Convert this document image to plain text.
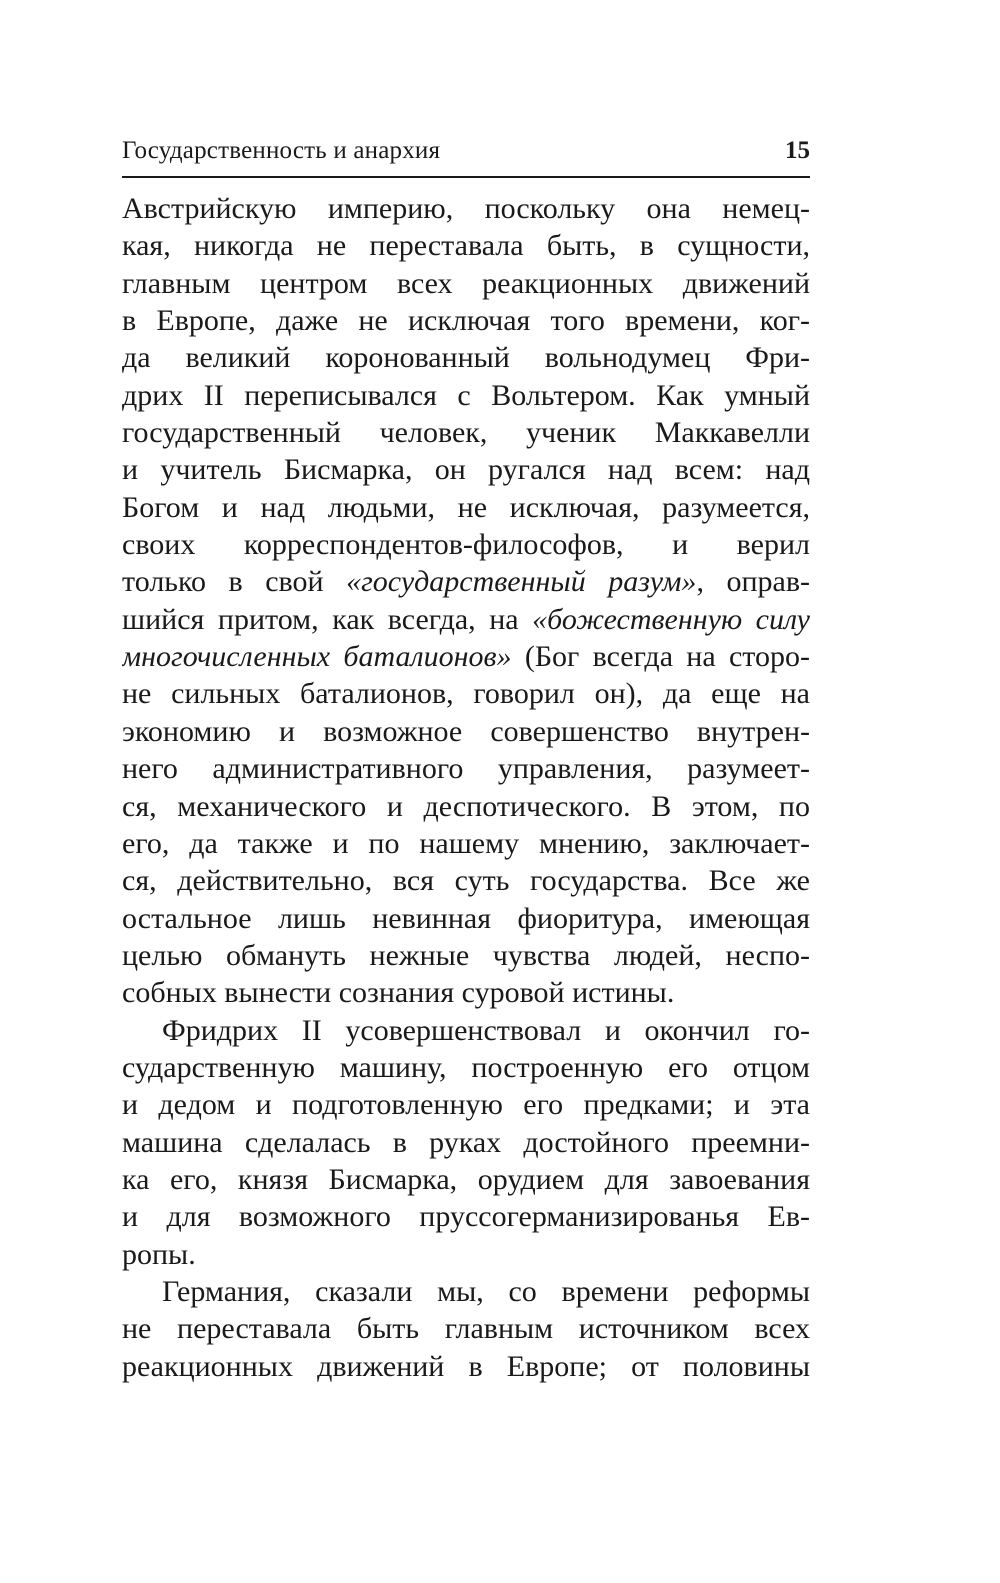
Государственность и анархия	15
Австрийскую империю, поскольку она немец-
кая, никогда не переставала быть, в сущности,
главным центром всех реакционных движений
в Европе, даже не исключая того времени, ког-
да великий коронованный вольнодумец Фри-
дрих II переписывался с Вольтером. Как умный
государственный человек, ученик Маккавелли
и учитель Бисмарка, он ругался над всем: над
Богом и над людьми, не исключая, разумеется,
своих корреспондентов-философов, и верил
только в свой «государственный разум», оправ-
шийся притом, как всегда, на «божественную силу
многочисленных баталионов» (Бог всегда на сторо-
не сильных баталионов, говорил он), да еще на
экономию и возможное совершенство внутрен-
него административного управления, разумеет-
ся, механического и деспотического. В этом, по
его, да также и по нашему мнению, заключает-
ся, действительно, вся суть государства. Все же
остальное лишь невинная фиоритура, имеющая
целью обмануть нежные чувства людей, неспо-
собных вынести сознания суровой истины.
Фридрих II усовершенствовал и окончил го-
сударственную машину, построенную его отцом
и дедом и подготовленную его предками; и эта
машина сделалась в руках достойного преемни-
ка его, князя Бисмарка, орудием для завоевания
и для возможного пруссогерманизированья Ев-
ропы.
Германия, сказали мы, со времени реформы
не переставала быть главным источником всех
реакционных движений в Европе; от половины
